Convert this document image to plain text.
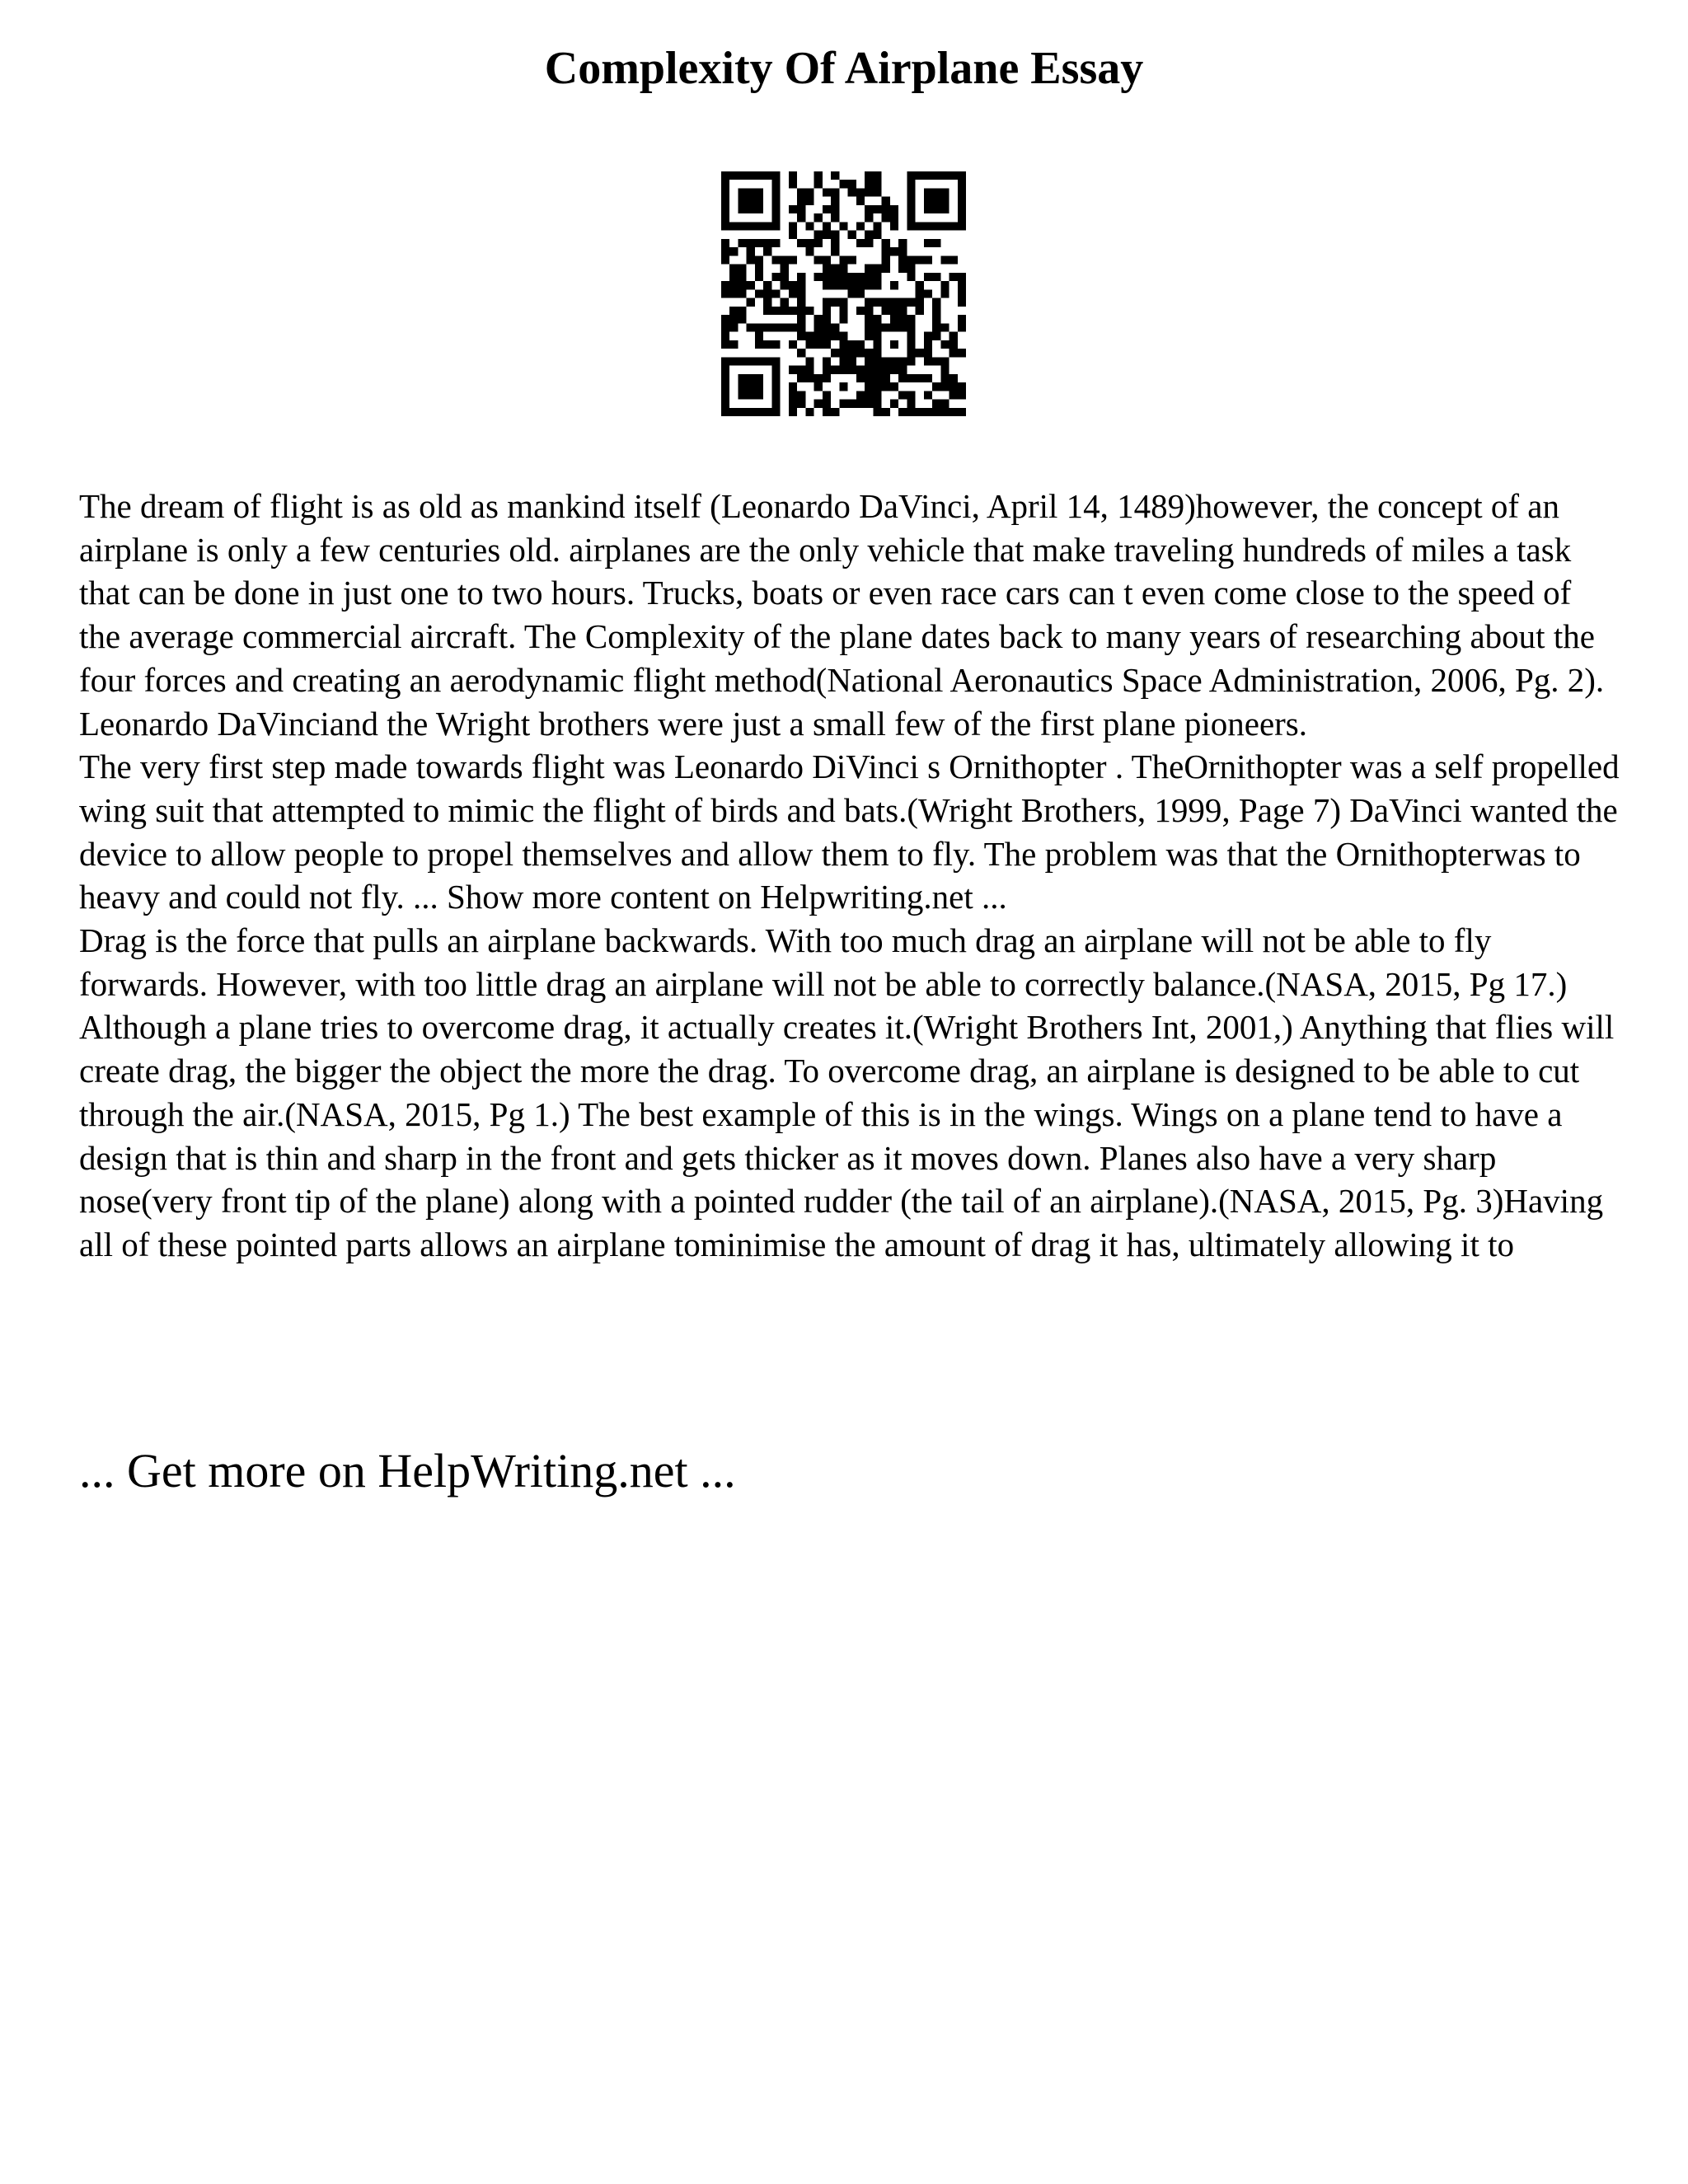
Complexity Of Airplane Essay

The dream of flight is as old as mankind itself (Leonardo DaVinci, April 14, 1489)however, the concept of an airplane is only a few centuries old. airplanes are the only vehicle that make traveling hundreds of miles a task that can be done in just one to two hours. Trucks, boats or even race cars can t even come close to the speed of the average commercial aircraft. The Complexity of the plane dates back to many years of researching about the four forces and creating an aerodynamic flight method(National Aeronautics Space Administration, 2006, Pg. 2). Leonardo DaVinciand the Wright brothers were just a small few of the first plane pioneers.

The very first step made towards flight was Leonardo DiVinci s Ornithopter . TheOrnithopter was a self propelled wing suit that attempted to mimic the flight of birds and bats.(Wright Brothers, 1999, Page 7) DaVinci wanted the device to allow people to propel themselves and allow them to fly. The problem was that the Ornithopterwas to heavy and could not fly. ... Show more content on Helpwriting.net ...

Drag is the force that pulls an airplane backwards. With too much drag an airplane will not be able to fly forwards. However, with too little drag an airplane will not be able to correctly balance.(NASA, 2015, Pg 17.) Although a plane tries to overcome drag, it actually creates it.(Wright Brothers Int, 2001,) Anything that flies will create drag, the bigger the object the more the drag. To overcome drag, an airplane is designed to be able to cut through the air.(NASA, 2015, Pg 1.) The best example of this is in the wings. Wings on a plane tend to have a design that is thin and sharp in the front and gets thicker as it moves down. Planes also have a very sharp nose(very front tip of the plane) along with a pointed rudder (the tail of an airplane).(NASA, 2015, Pg. 3)Having all of these pointed parts allows an airplane tominimise the amount of drag it has, ultimately allowing it to

... Get more on HelpWriting.net ...
